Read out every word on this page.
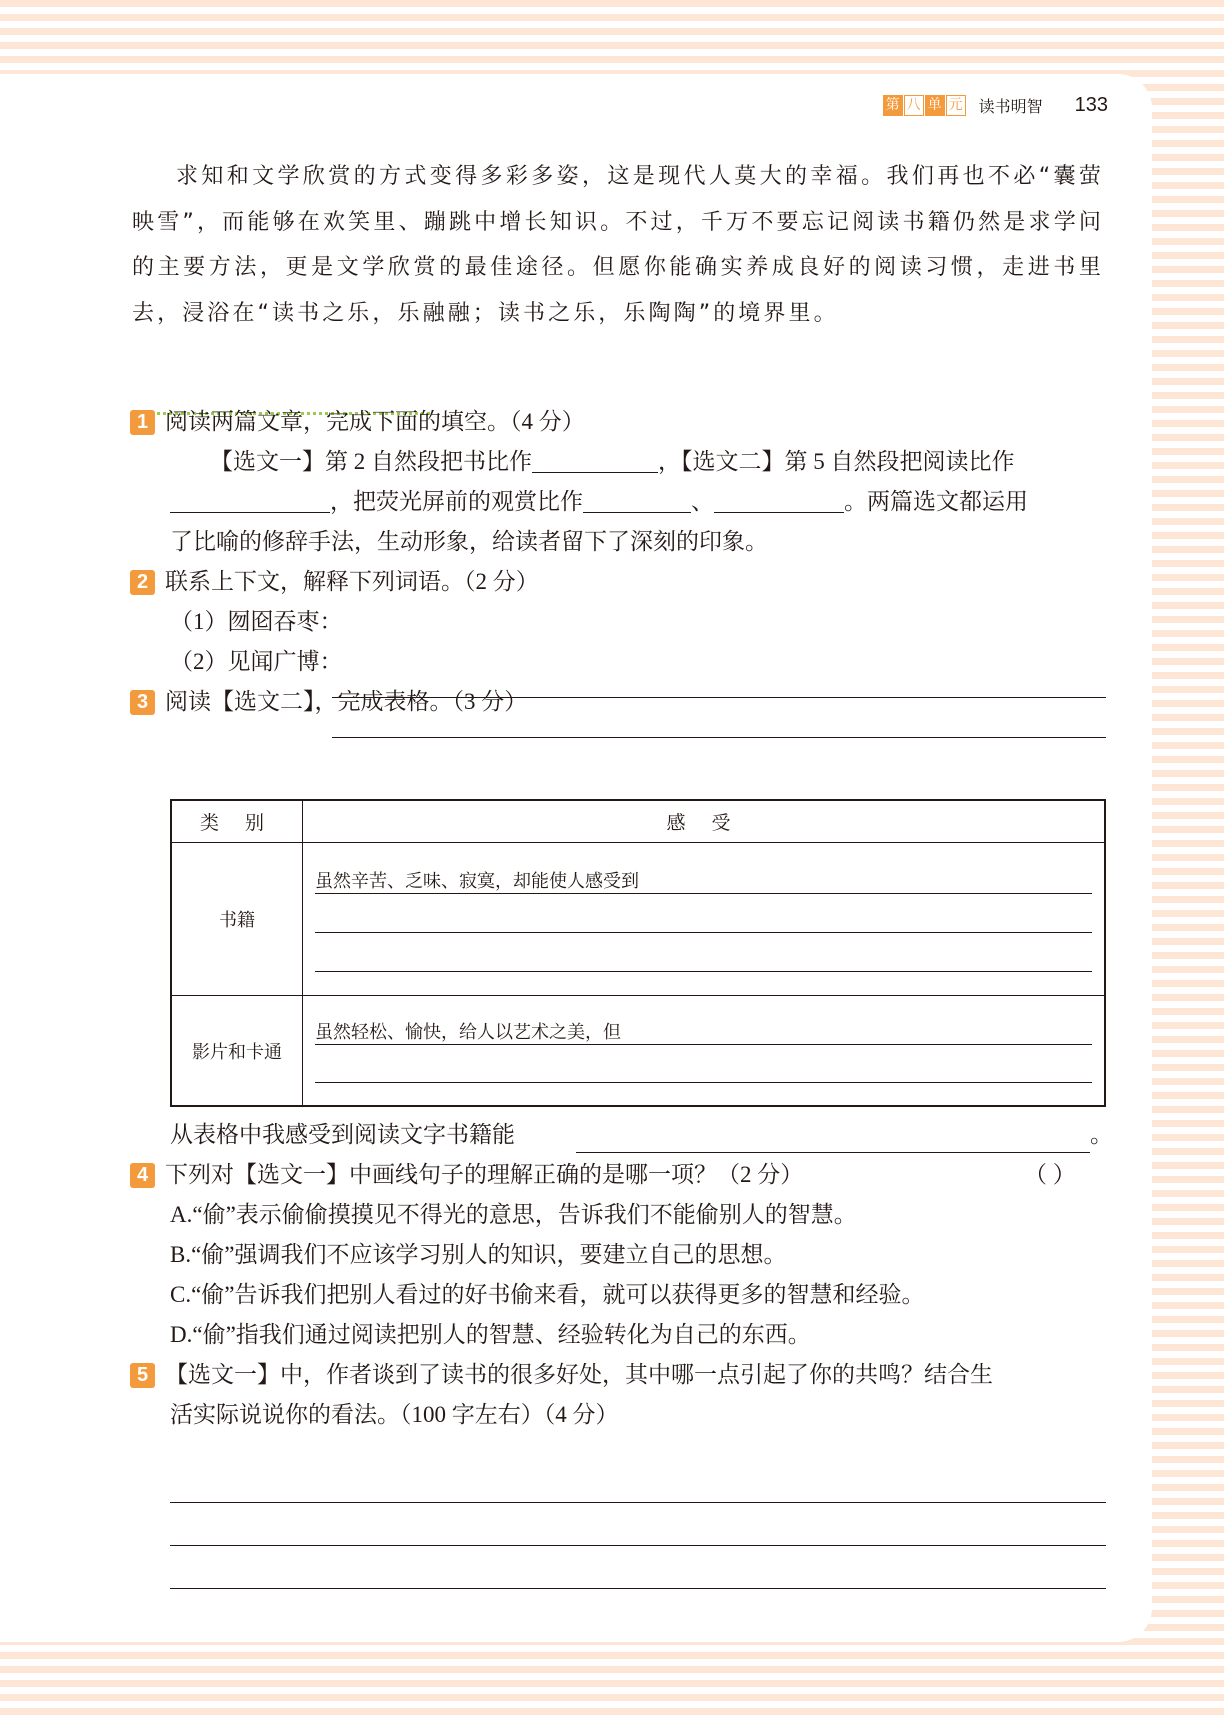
第 八 单 元 读书明智 133

求知和文学欣赏的方式变得多彩多姿，这是现代人莫大的幸福。我们再也不必“囊萤映雪”，而能够在欢笑里、蹦跳中增长知识。不过，千万不要忘记阅读书籍仍然是求学问的主要方法，更是文学欣赏的最佳途径。但愿你能确实养成良好的阅读习惯，走进书里去，浸浴在“读书之乐，乐融融；读书之乐，乐陶陶”的境界里。

1 阅读两篇文章，完成下面的填空。（4 分）
【选文一】第 2 自然段把书比作	，【选文二】第 5 自然段把阅读比作
，把荧光屏前的观赏比作	、	。两篇选文都运用
了比喻的修辞手法，生动形象，给读者留下了深刻的印象。
2 联系上下文，解释下列词语。（2 分）
（1）囫囵吞枣：
（2）见闻广博：
3 阅读【选文二】，完成表格。（3 分）
类 别	感 受
书籍	虽然辛苦、乏味、寂寞，却能使人感受到

影片和卡通	虽然轻松、愉快，给人以艺术之美，但
从表格中我感受到阅读文字书籍能	。
4 下列对【选文一】中画线句子的理解正确的是哪一项？（2 分）	（ ）
A.“偷”表示偷偷摸摸见不得光的意思，告诉我们不能偷别人的智慧。
B.“偷”强调我们不应该学习别人的知识，要建立自己的思想。
C.“偷”告诉我们把别人看过的好书偷来看，就可以获得更多的智慧和经验。
D.“偷”指我们通过阅读把别人的智慧、经验转化为自己的东西。
5 【选文一】中，作者谈到了读书的很多好处，其中哪一点引起了你的共鸣？结合生
活实际说说你的看法。（100 字左右）（4 分）
